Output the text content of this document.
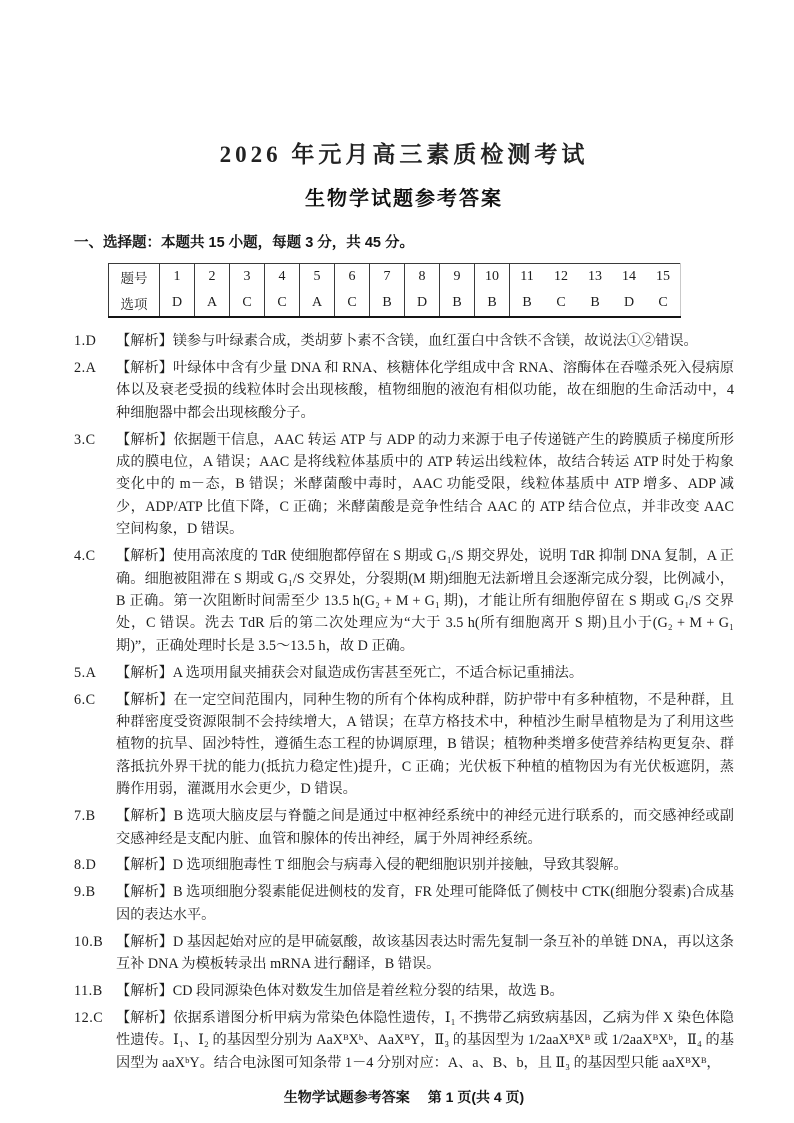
2026 年元月高三素质检测考试
生物学试题参考答案
一、选择题：本题共 15 小题，每题 3 分，共 45 分。
题号	1	2	3	4	5	6	7	8	9	10	11	12	13	14	15
选项	D	A	C	C	A	C	B	D	B	B	B	C	B	D	C
1.D	【解析】镁参与叶绿素合成，类胡萝卜素不含镁，血红蛋白中含铁不含镁，故说法①②错误。
2.A	【解析】叶绿体中含有少量 DNA 和 RNA、核糖体化学组成中含 RNA、溶酶体在吞噬杀死入侵病原体以及衰老受损的线粒体时会出现核酸，植物细胞的液泡有相似功能，故在细胞的生命活动中，4 种细胞器中都会出现核酸分子。
3.C	【解析】依据题干信息，AAC 转运 ATP 与 ADP 的动力来源于电子传递链产生的跨膜质子梯度所形成的膜电位，A 错误；AAC 是将线粒体基质中的 ATP 转运出线粒体，故结合转运 ATP 时处于构象变化中的 m－态，B 错误；米酵菌酸中毒时，AAC 功能受限，线粒体基质中 ATP 增多、ADP 减少，ADP/ATP 比值下降，C 正确；米酵菌酸是竞争性结合 AAC 的 ATP 结合位点，并非改变 AAC 空间构象，D 错误。
4.C	【解析】使用高浓度的 TdR 使细胞都停留在 S 期或 G₁/S 期交界处，说明 TdR 抑制 DNA 复制，A 正确。细胞被阻滞在 S 期或 G₁/S 交界处，分裂期(M 期)细胞无法新增且会逐渐完成分裂，比例减小，B 正确。第一次阻断时间需至少 13.5 h(G₂ + M + G₁ 期)，才能让所有细胞停留在 S 期或 G₁/S 交界处，C 错误。洗去 TdR 后的第二次处理应为“大于 3.5 h(所有细胞离开 S 期)且小于(G₂ + M + G₁ 期)”，正确处理时长是 3.5～13.5 h，故 D 正确。
5.A	【解析】A 选项用鼠夹捕获会对鼠造成伤害甚至死亡，不适合标记重捕法。
6.C	【解析】在一定空间范围内，同种生物的所有个体构成种群，防护带中有多种植物，不是种群，且种群密度受资源限制不会持续增大，A 错误；在草方格技术中，种植沙生耐旱植物是为了利用这些植物的抗旱、固沙特性，遵循生态工程的协调原理，B 错误；植物种类增多使营养结构更复杂、群落抵抗外界干扰的能力(抵抗力稳定性)提升，C 正确；光伏板下种植的植物因为有光伏板遮阴，蒸腾作用弱，灌溉用水会更少，D 错误。
7.B	【解析】B 选项大脑皮层与脊髓之间是通过中枢神经系统中的神经元进行联系的，而交感神经或副交感神经是支配内脏、血管和腺体的传出神经，属于外周神经系统。
8.D	【解析】D 选项细胞毒性 T 细胞会与病毒入侵的靶细胞识别并接触，导致其裂解。
9.B	【解析】B 选项细胞分裂素能促进侧枝的发育，FR 处理可能降低了侧枝中 CTK(细胞分裂素)合成基因的表达水平。
10.B 【解析】D 基因起始对应的是甲硫氨酸，故该基因表达时需先复制一条互补的单链 DNA，再以这条互补 DNA 为模板转录出 mRNA 进行翻译，B 错误。
11.B 【解析】CD 段同源染色体对数发生加倍是着丝粒分裂的结果，故选 B。
12.C 【解析】依据系谱图分析甲病为常染色体隐性遗传，Ⅰ₁ 不携带乙病致病基因，乙病为伴 X 染色体隐性遗传。Ⅰ₁、Ⅰ₂ 的基因型分别为 AaXᴮXᵇ、AaXᴮY，Ⅱ₃ 的基因型为 1/2aaXᴮXᴮ 或 1/2aaXᴮXᵇ，Ⅱ₄ 的基因型为 aaXᵇY。结合电泳图可知条带 1－4 分别对应：A、a、B、b，且 Ⅱ₃ 的基因型只能 aaXᴮXᴮ，
生物学试题参考答案 第 1 页(共 4 页)
